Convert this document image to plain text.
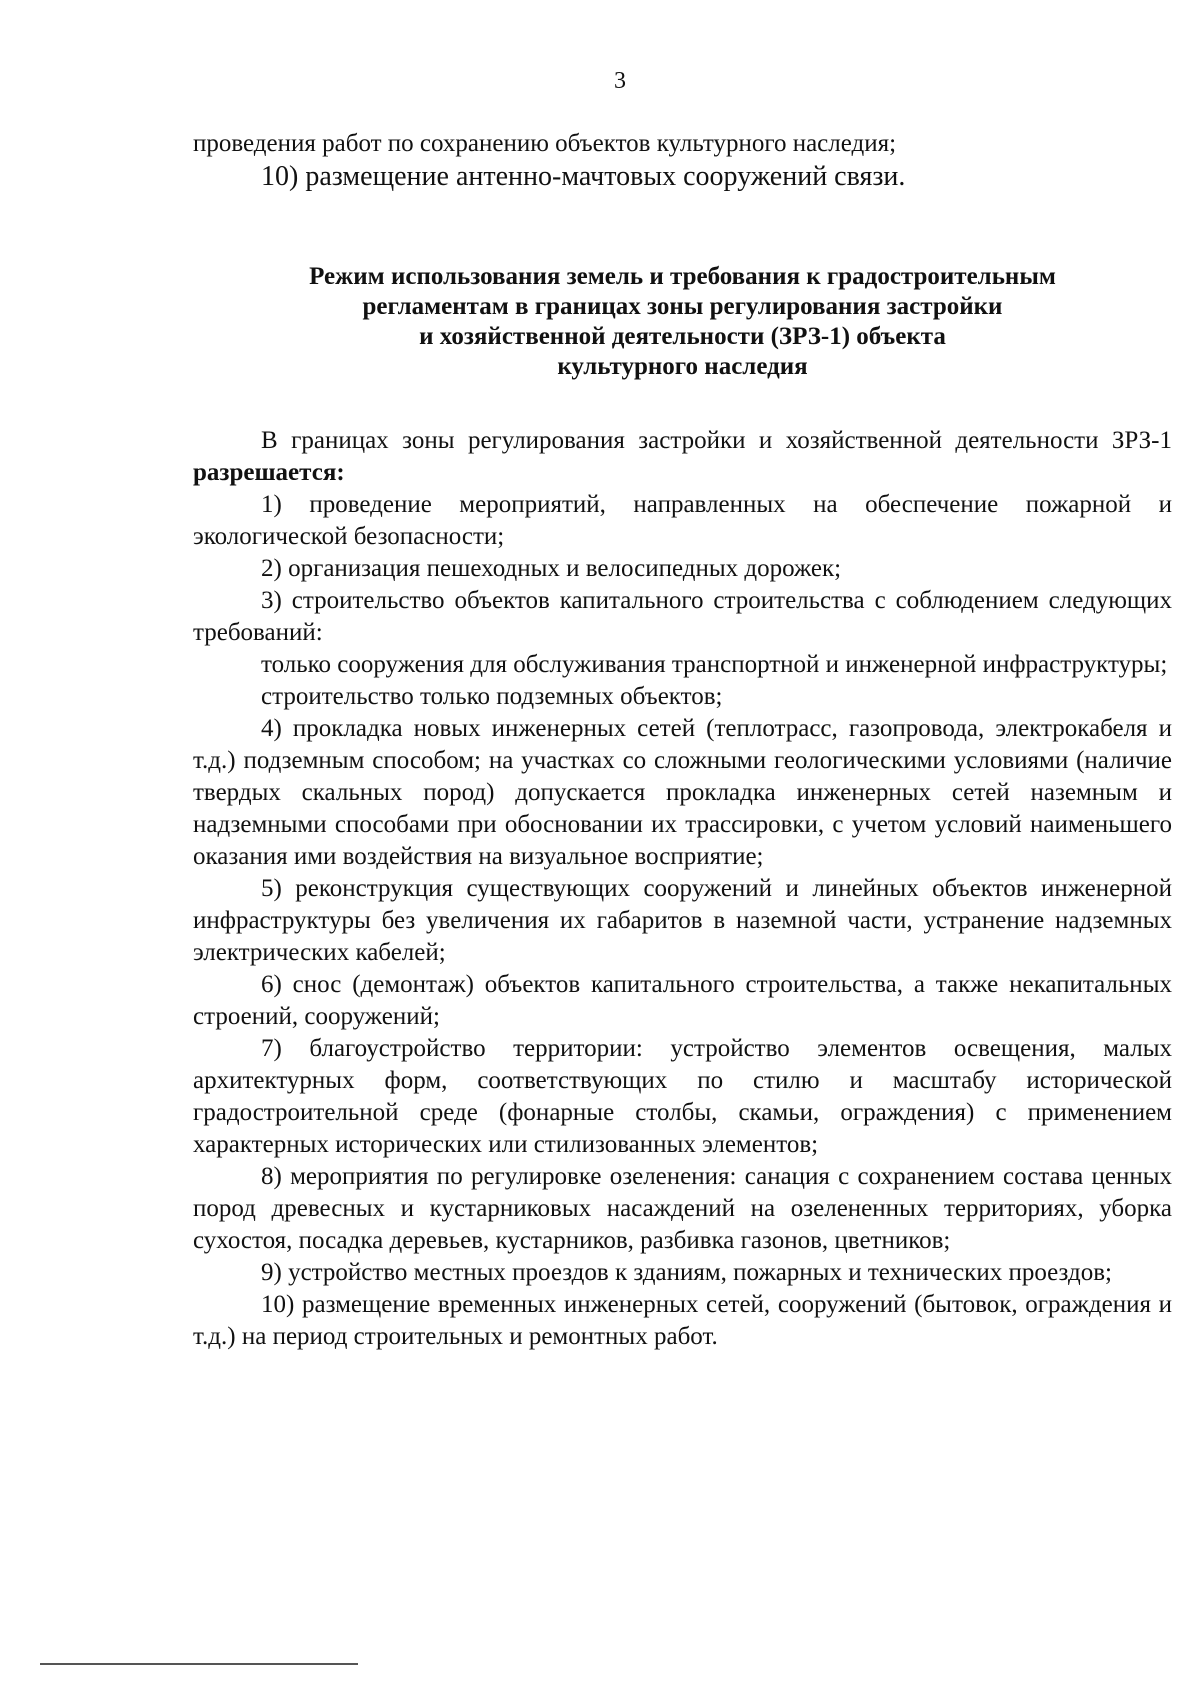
3
проведения работ по сохранению объектов культурного наследия;
10) размещение антенно-мачтовых сооружений связи.
Режим использования земель и требования к градостроительным
регламентам в границах зоны регулирования застройки
и хозяйственной деятельности (ЗРЗ-1) объекта
культурного наследия

В границах зоны регулирования застройки и хозяйственной деятельности ЗРЗ-1 разрешается:

1) проведение мероприятий, направленных на обеспечение пожарной и экологической безопасности;

2) организация пешеходных и велосипедных дорожек;

3) строительство объектов капитального строительства с соблюдением следующих требований:

только сооружения для обслуживания транспортной и инженерной инфраструктуры;

строительство только подземных объектов;

4) прокладка новых инженерных сетей (теплотрасс, газопровода, электрокабеля и т.д.) подземным способом; на участках со сложными геологическими условиями (наличие твердых скальных пород) допускается прокладка инженерных сетей наземным и надземными способами при обосновании их трассировки, с учетом условий наименьшего оказания ими воздействия на визуальное восприятие;

5) реконструкция существующих сооружений и линейных объектов инженерной инфраструктуры без увеличения их габаритов в наземной части, устранение надземных электрических кабелей;

6) снос (демонтаж) объектов капитального строительства, а также некапитальных строений, сооружений;

7) благоустройство территории: устройство элементов освещения, малых архитектурных форм, соответствующих по стилю и масштабу исторической градостроительной среде (фонарные столбы, скамьи, ограждения) с применением характерных исторических или стилизованных элементов;

8) мероприятия по регулировке озеленения: санация с сохранением состава ценных пород древесных и кустарниковых насаждений на озелененных территориях, уборка сухостоя, посадка деревьев, кустарников, разбивка газонов, цветников;

9) устройство местных проездов к зданиям, пожарных и технических проездов;

10) размещение временных инженерных сетей, сооружений (бытовок, ограждения и т.д.) на период строительных и ремонтных работ.
